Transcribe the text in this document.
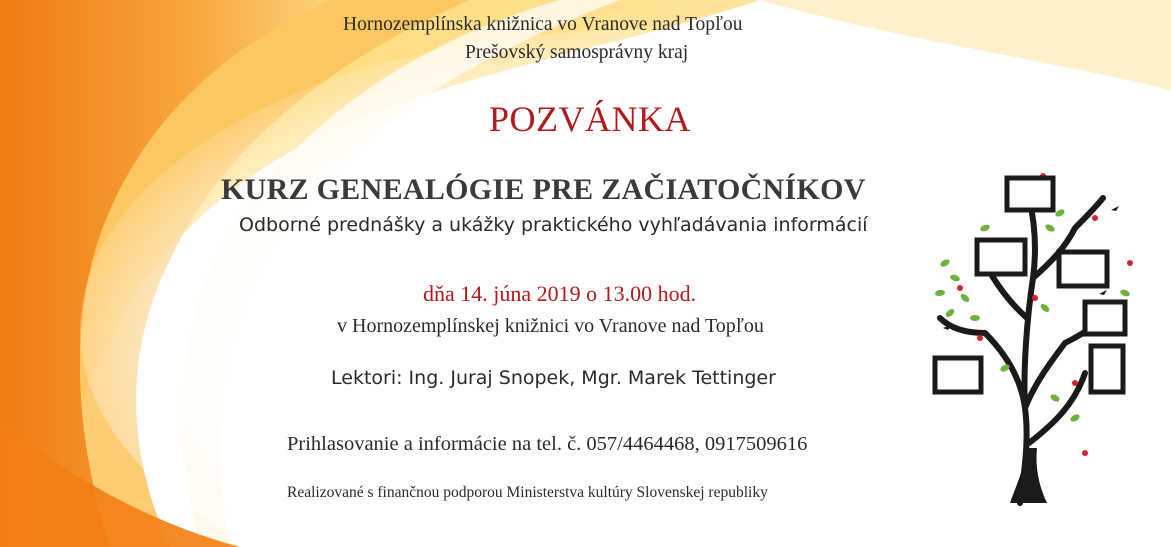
Hornozemplínska knižnica vo Vranove nad Topľou
Prešovský samosprávny kraj
POZVÁNKA
KURZ GENEALÓGIE PRE ZAČIATOČNÍKOV
Odborné prednášky a ukážky praktického vyhľadávania informácií
dňa 14. júna 2019 o 13.00 hod.
v Hornozemplínskej knižnici vo Vranove nad Topľou
Lektori: Ing. Juraj Snopek, Mgr. Marek Tettinger
Prihlasovanie a informácie na tel. č. 057/4464468, 0917509616
Realizované s finančnou podporou Ministerstva kultúry Slovenskej republiky
